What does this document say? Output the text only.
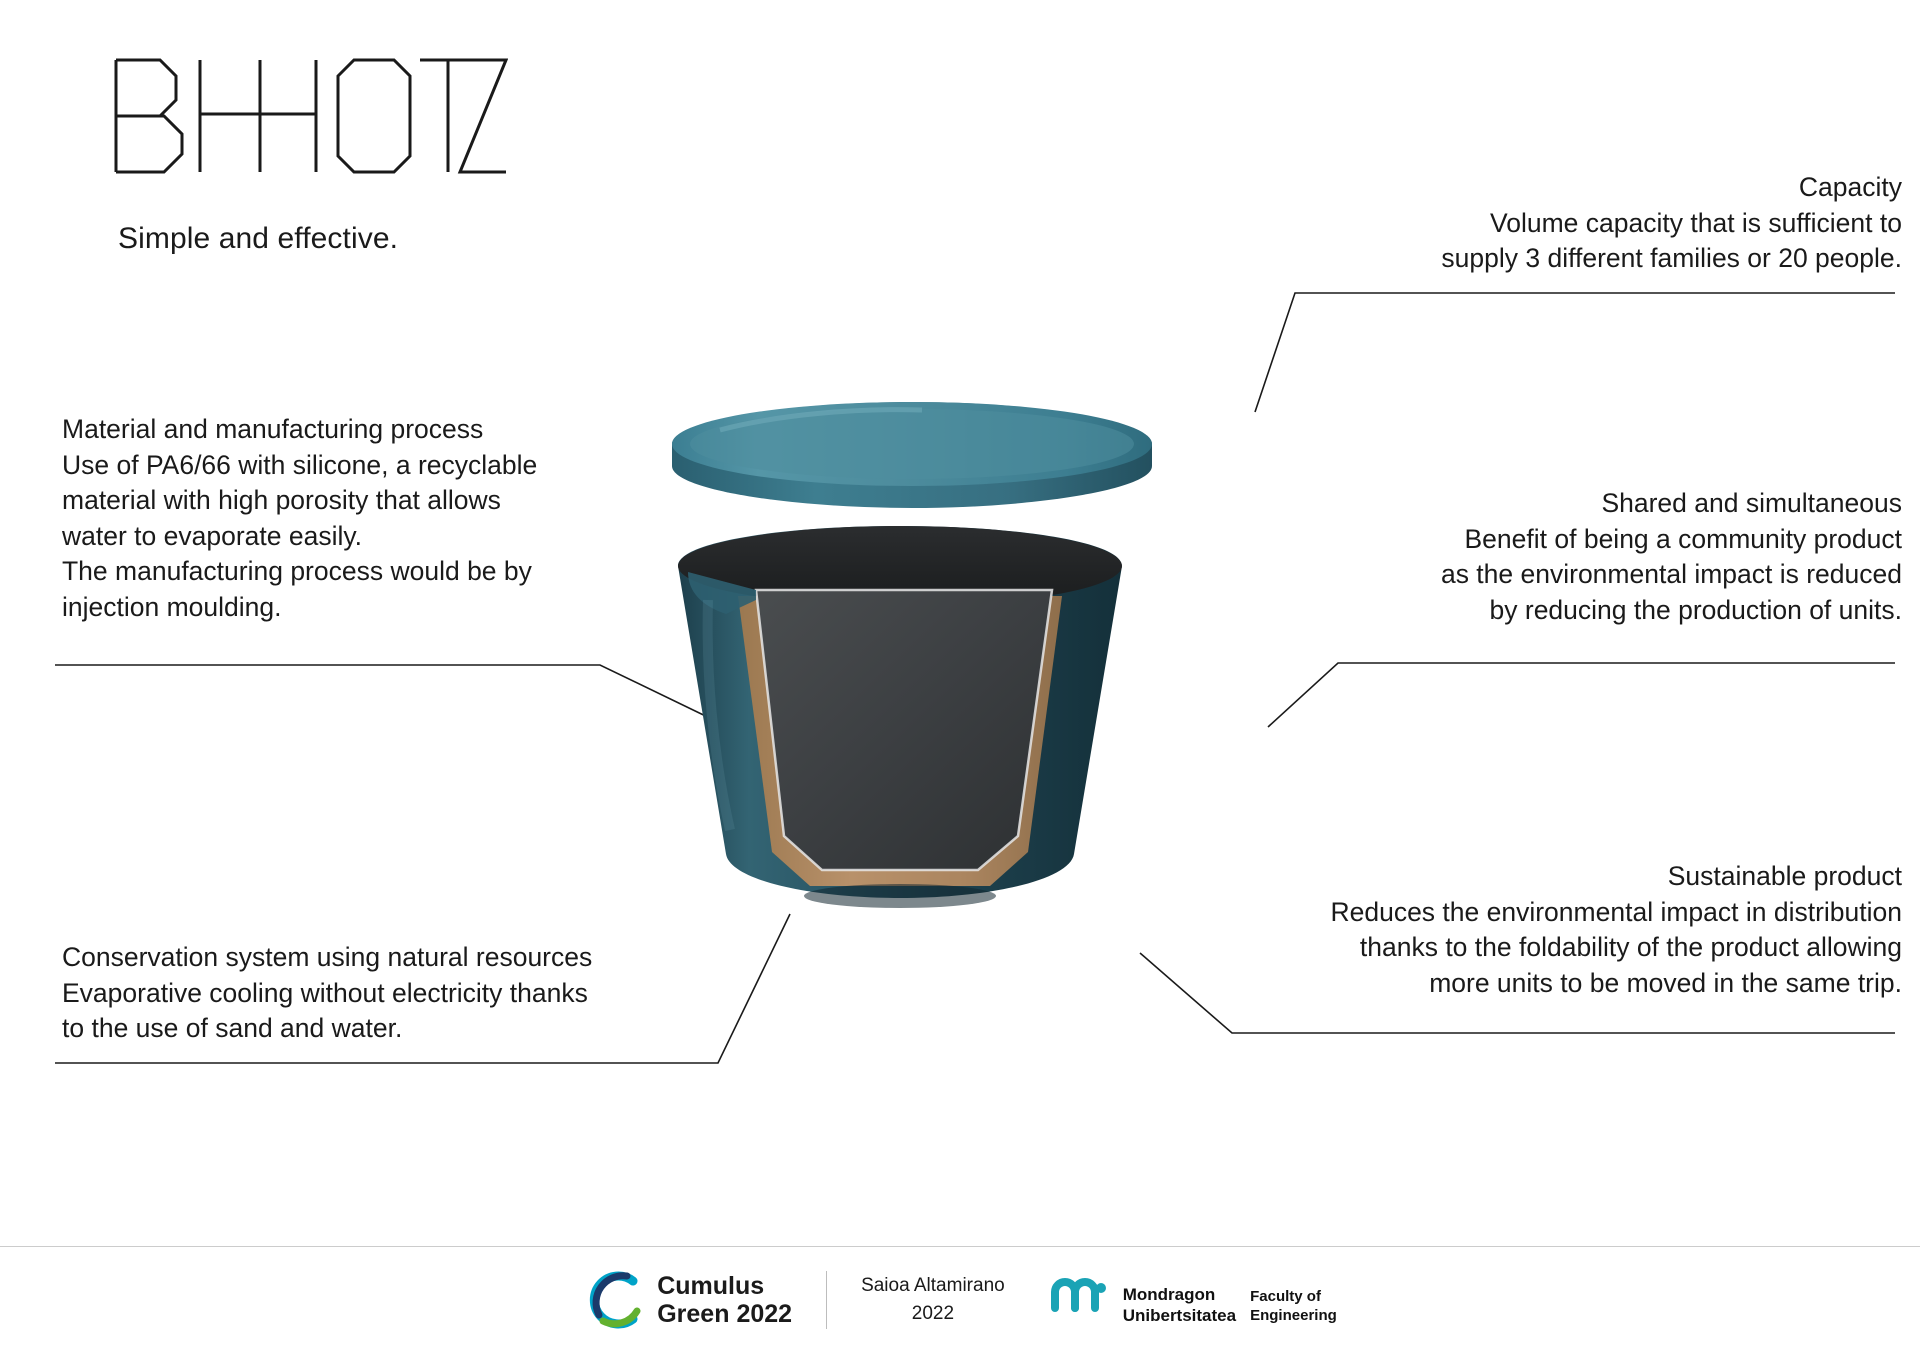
Simple and effective.
Capacity
Volume capacity that is sufficient to
supply 3 different families or 20 people.
Shared and simultaneous
Benefit of being a community product
as the environmental impact is reduced
by reducing the production of units.
Sustainable product
Reduces the environmental impact in distribution
thanks to the foldability of the product allowing
more units to be moved in the same trip.
Material and manufacturing process
Use of PA6/66 with silicone, a recyclable
material with high porosity that allows
water to evaporate easily.
The manufacturing process would be by
injection moulding.
Conservation system using natural resources
Evaporative cooling without electricity thanks
to the use of sand and water.
Cumulus
Green 2022
Saioa Altamirano
2022
Mondragon
Unibertsitatea
Faculty of
Engineering
